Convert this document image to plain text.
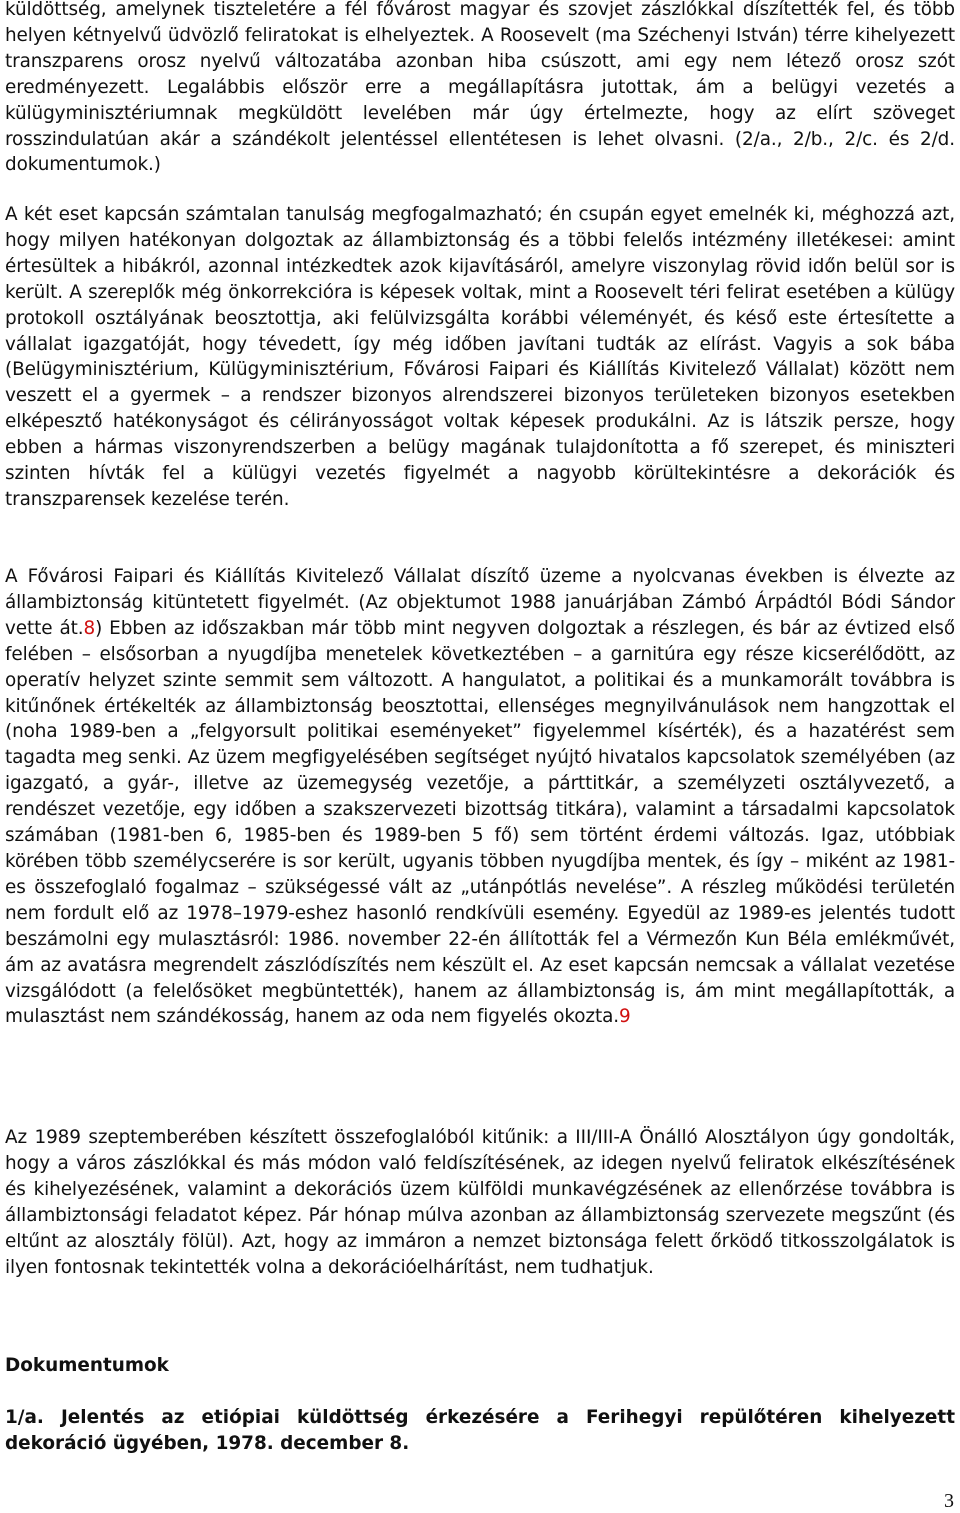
küldöttség, amelynek tiszteletére a fél fővárost magyar és szovjet zászlókkal díszítették fel, és több helyen kétnyelvű üdvözlő feliratokat is elhelyeztek. A Roosevelt (ma Széchenyi István) térre kihelyezett transzparens orosz nyelvű változatába azonban hiba csúszott, ami egy nem létező orosz szót eredményezett. Legalábbis először erre a megállapításra jutottak, ám a belügyi vezetés a külügyminisztériumnak megküldött levelében már úgy értelmezte, hogy az elírt szöveget rosszindulatúan akár a szándékolt jelentéssel ellentétesen is lehet olvasni. (2/a., 2/b., 2/c. és 2/d. dokumentumok.)

A két eset kapcsán számtalan tanulság megfogalmazható; én csupán egyet emelnék ki, méghozzá azt, hogy milyen hatékonyan dolgoztak az állambiztonság és a többi felelős intézmény illetékesei: amint értesültek a hibákról, azonnal intézkedtek azok kijavításáról, amelyre viszonylag rövid időn belül sor is került. A szereplők még önkorrekcióra is képesek voltak, mint a Roosevelt téri felirat esetében a külügy protokoll osztályának beosztottja, aki felülvizsgálta korábbi véleményét, és késő este értesítette a vállalat igazgatóját, hogy tévedett, így még időben javítani tudták az elírást. Vagyis a sok bába (Belügyminisztérium, Külügyminisztérium, Fővárosi Faipari és Kiállítás Kivitelező Vállalat) között nem veszett el a gyermek – a rendszer bizonyos alrendszerei bizonyos területeken bizonyos esetekben elképesztő hatékonyságot és célirányosságot voltak képesek produkálni. Az is látszik persze, hogy ebben a hármas viszonyrendszerben a belügy magának tulajdonította a fő szerepet, és miniszteri szinten hívták fel a külügyi vezetés figyelmét a nagyobb körültekintésre a dekorációk és transzparensek kezelése terén.

A Fővárosi Faipari és Kiállítás Kivitelező Vállalat díszítő üzeme a nyolcvanas években is élvezte az állambiztonság kitüntetett figyelmét. (Az objektumot 1988 januárjában Zámbó Árpádtól Bódi Sándor vette át.8) Ebben az időszakban már több mint negyven dolgoztak a részlegen, és bár az évtized első felében – elsősorban a nyugdíjba menetelek következtében – a garnitúra egy része kicserélődött, az operatív helyzet szinte semmit sem változott. A hangulatot, a politikai és a munkamorált továbbra is kitűnőnek értékelték az állambiztonság beosztottai, ellenséges megnyilvánulások nem hangzottak el (noha 1989-ben a „felgyorsult politikai eseményeket” figyelemmel kísérték), és a hazatérést sem tagadta meg senki. Az üzem megfigyelésében segítséget nyújtó hivatalos kapcsolatok személyében (az igazgató, a gyár-, illetve az üzemegység vezetője, a párttitkár, a személyzeti osztályvezető, a rendészet vezetője, egy időben a szakszervezeti bizottság titkára), valamint a társadalmi kapcsolatok számában (1981-ben 6, 1985-ben és 1989-ben 5 fő) sem történt érdemi változás. Igaz, utóbbiak körében több személycserére is sor került, ugyanis többen nyugdíjba mentek, és így – miként az 1981-es összefoglaló fogalmaz – szükségessé vált az „utánpótlás nevelése”. A részleg működési területén nem fordult elő az 1978–1979-eshez hasonló rendkívüli esemény. Egyedül az 1989-es jelentés tudott beszámolni egy mulasztásról: 1986. november 22-én állították fel a Vérmezőn Kun Béla emlékművét, ám az avatásra megrendelt zászlódíszítés nem készült el. Az eset kapcsán nemcsak a vállalat vezetése vizsgálódott (a felelősöket megbüntették), hanem az állambiztonság is, ám mint megállapították, a mulasztást nem szándékosság, hanem az oda nem figyelés okozta.9

Az 1989 szeptemberében készített összefoglalóból kitűnik: a III/III-A Önálló Alosztályon úgy gondolták, hogy a város zászlókkal és más módon való feldíszítésének, az idegen nyelvű feliratok elkészítésének és kihelyezésének, valamint a dekorációs üzem külföldi munkavégzésének az ellenőrzése továbbra is állambiztonsági feladatot képez. Pár hónap múlva azonban az állambiztonság szervezete megszűnt (és eltűnt az alosztály fölül). Azt, hogy az immáron a nemzet biztonsága felett őrködő titkosszolgálatok is ilyen fontosnak tekintették volna a dekorációelhárítást, nem tudhatjuk.

Dokumentumok
1/a. Jelentés az etiópiai küldöttség érkezésére a Ferihegyi repülőtéren kihelyezett dekoráció ügyében, 1978. december 8.
3
